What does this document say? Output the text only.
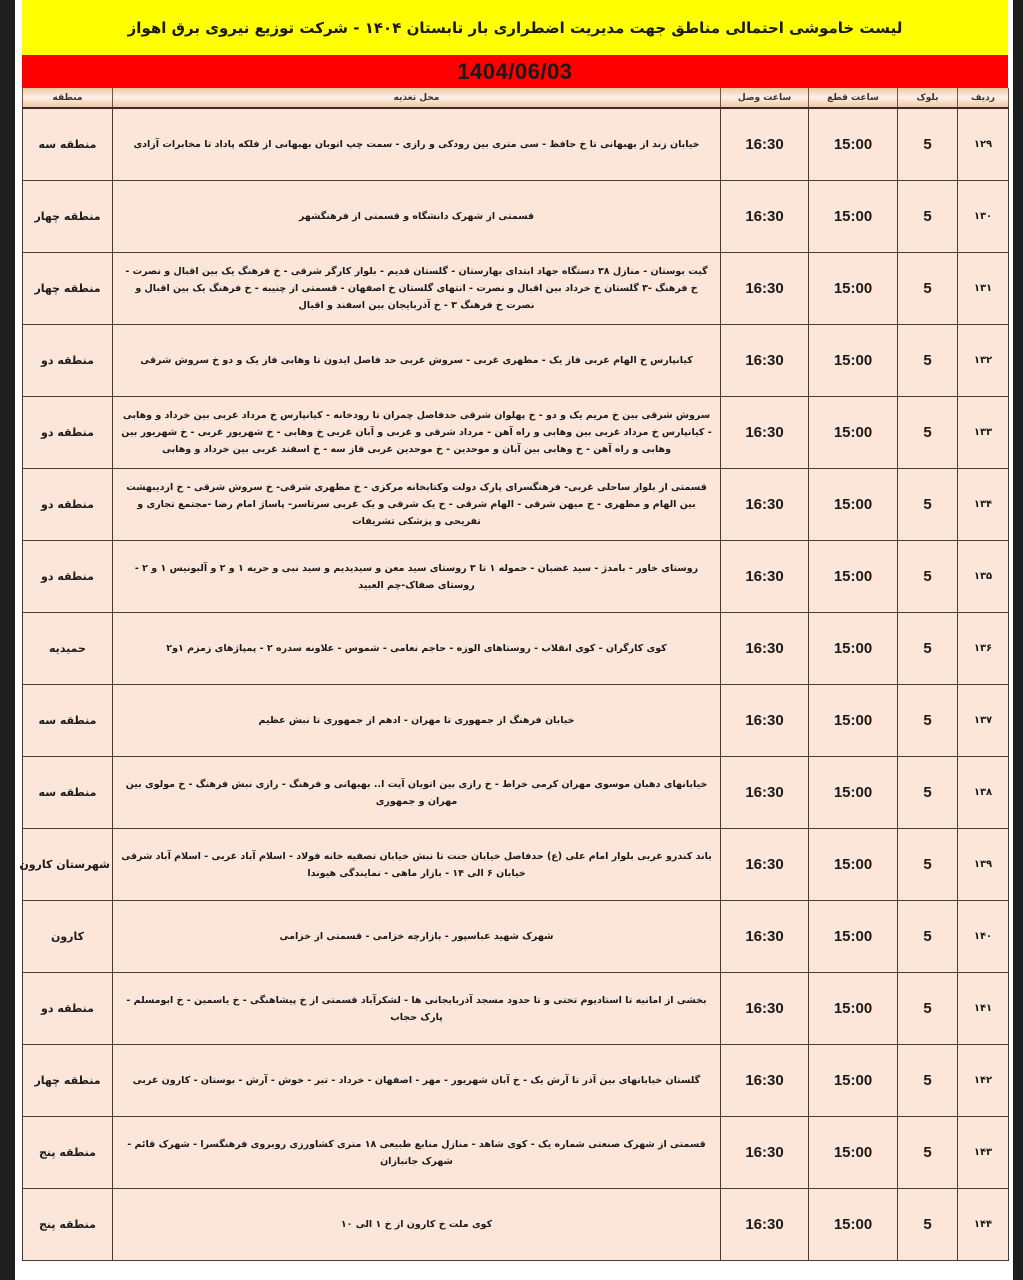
لیست خاموشی احتمالی مناطق جهت مدیریت اضطراری بار تابستان ۱۴۰۴ - شرکت توزیع نیروی برق اهواز
1404/06/03
ردیف	بلوک	ساعت قطع	ساعت وصل	محل تغذیه	منطقه
۱۲۹	5	15:00	16:30	خیابان زند از بهبهانی تا خ حافظ - سی متری بین رودکی و رازی - سمت چپ اتوبان بهبهانی از فلکه پاداد تا مخابرات آزادی	منطقه سه
۱۳۰	5	15:00	16:30	قسمتی از شهرک دانشگاه و قسمتی از فرهنگشهر	منطقه چهار
۱۳۱	5	15:00	16:30	گیت بوستان - منازل ۳۸ دستگاه جهاد ابتدای بهارستان - گلستان قدیم - بلوار کارگر شرقی - خ فرهنگ یک بین اقبال و نصرت - خ فرهنگ -۳ گلستان خ خرداد بین اقبال و نصرت - انتهای گلستان خ اصفهان - قسمتی از چنیبه - خ فرهنگ یک بین اقبال و نصرت خ فرهنگ ۳ - خ آذربایجان بین اسفند و اقبال	منطقه چهار
۱۳۲	5	15:00	16:30	کیانپارس خ الهام غربی فاز یک - مطهری غربی - سروش غربی حد فاصل ایدون تا وهابی فاز یک و دو خ سروش شرقی	منطقه دو
۱۳۳	5	15:00	16:30	سروش شرقی بین خ مریم یک و دو - خ پهلوان شرقی حدفاصل چمران تا رودخانه - کیانپارس خ مرداد غربی بین خرداد و وهابی - کیانپارس خ مرداد غربی بین وهابی و راه آهن - مرداد شرقی و غربی و آبان غربی خ وهابی - خ شهریور غربی - خ شهریور بین وهابی و راه آهن - خ وهابی بین آبان و موحدین - خ موحدین غربی فاز سه - خ اسفند غربی بین خرداد و وهابی	منطقه دو
۱۳۴	5	15:00	16:30	قسمتی از بلوار ساحلی غربی- فرهنگسرای پارک دولت وکتابخانه مرکزی - خ مطهری شرقی- خ سروش شرقی - خ اردیبهشت بین الهام و مطهری - خ میهن شرقی - الهام شرقی - خ یک شرقی و یک غربی سرتاسر- پاساژ امام رضا -مجتمع تجاری و تفریحی و پزشکی تشریفات	منطقه دو
۱۳۵	5	15:00	16:30	روستای خاور - بامدژ - سید غضبان - حموله ۱ تا ۳ روستای سید معن و سیدیدیم و سید نبی و حریه ۱ و ۲ و آلبونیس ۱ و ۲ - روستای صفاک-چم العبید	منطقه دو
۱۳۶	5	15:00	16:30	کوی کارگران - کوی انقلاب - روستاهای الوزه - حاجم نعامی - شموس - علاونه سدره ۲ - پمپاژهای زمزم ۱و۲	حمیدیه
۱۳۷	5	15:00	16:30	خیابان فرهنگ از جمهوری تا مهران - ادهم از جمهوری تا نبش عظیم	منطقه سه
۱۳۸	5	15:00	16:30	خیابانهای دهبان موسوی مهران کرمی خراط - خ رازی بین اتوبان آیت ا.. بهبهانی و فرهنگ - رازی نبش فرهنگ - خ مولوی بین مهران و جمهوری	منطقه سه
۱۳۹	5	15:00	16:30	باند کندرو غربی بلوار امام علی (ع) حدفاصل خیابان جنت تا نبش خیابان تصفیه خانه فولاد - اسلام آباد غربی - اسلام آباد شرقی خیابان ۶ الی ۱۴ - بازار ماهی - نمایندگی هیوندا	شهرستان کارون
۱۴۰	5	15:00	16:30	شهرک شهید عباسپور - بازارچه خزامی - قسمتی از خزامی	کارون
۱۴۱	5	15:00	16:30	بخشی از امانیه تا استادیوم تختی و تا حدود مسجد آذربایجانی ها - لشکرآباد قسمتی از خ پیشاهنگی - خ یاسمین - خ ابومسلم - پارک حجاب	منطقه دو
۱۴۲	5	15:00	16:30	گلستان خیابانهای بین آذر تا آرش یک - خ آبان شهریور - مهر - اصفهان - خرداد - تیر - خوش - آرش - بوستان - کارون غربی	منطقه چهار
۱۴۳	5	15:00	16:30	قسمتی از شهرک صنعتی شماره یک - کوی شاهد - منازل منابع طبیعی ۱۸ متری کشاورزی روبروی فرهنگسرا - شهرک قائم - شهرک جانبازان	منطقه پنج
۱۴۴	5	15:00	16:30	کوی ملت خ کارون از خ ۱ الی ۱۰	منطقه پنج
